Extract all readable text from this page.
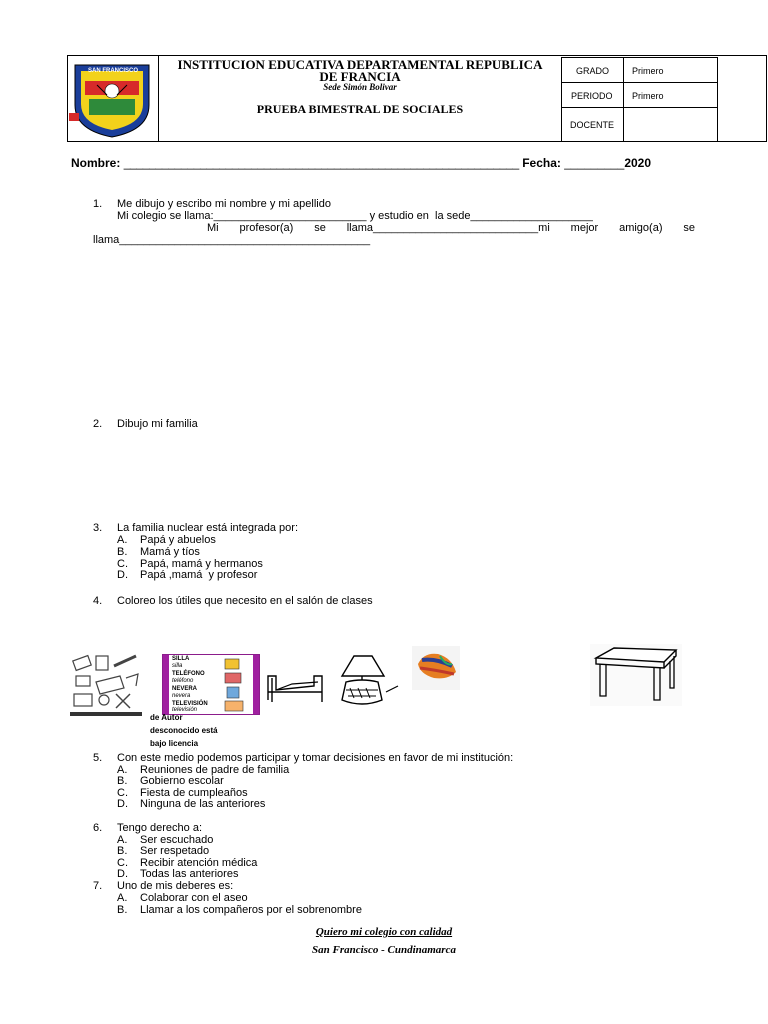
SAN FRANCISCO	INSTITUCION EDUCATIVA DEPARTAMENTAL REPUBLICA
DE FRANCIA
Sede Simón Bolivar
PRUEBA BIMESTRAL DE SOCIALES
GRADO	Primero
PERIODO Primero
DOCENTE
Nombre: ______________________________________________________________ Fecha: _________2020
1. Me dibujo y escribo mi nombre y mi apellido
Mi colegio se llama:_________________________ y estudio en  la sede____________________
Mi profesor(a) se llama___________________________mi mejor amigo(a) se
llama_________________________________________
2. Dibujo mi familia
3. La familia nuclear está integrada por:
A. Papá y abuelos
B. Mamá y tíos
C. Papá, mamá y hermanos
D. Papá ,mamá  y profesor
4. Coloreo los útiles que necesito en el salón de clases
SILLA
silla
TELÉFONO
teléfono
NEVERA
nevera
TELEVISIÓN
televisión
de Autor
desconocido está
bajo licencia
5. Con este medio podemos participar y tomar decisiones en favor de mi institución:
A. Reuniones de padre de familia
B. Gobierno escolar
C. Fiesta de cumpleaños
D. Ninguna de las anteriores
6. Tengo derecho a:
A. Ser escuchado
B. Ser respetado
C. Recibir atención médica
D. Todas las anteriores
7. Uno de mis deberes es:
A. Colaborar con el aseo
B. Llamar a los compañeros por el sobrenombre
Quiero mi colegio con calidad
San Francisco - Cundinamarca
